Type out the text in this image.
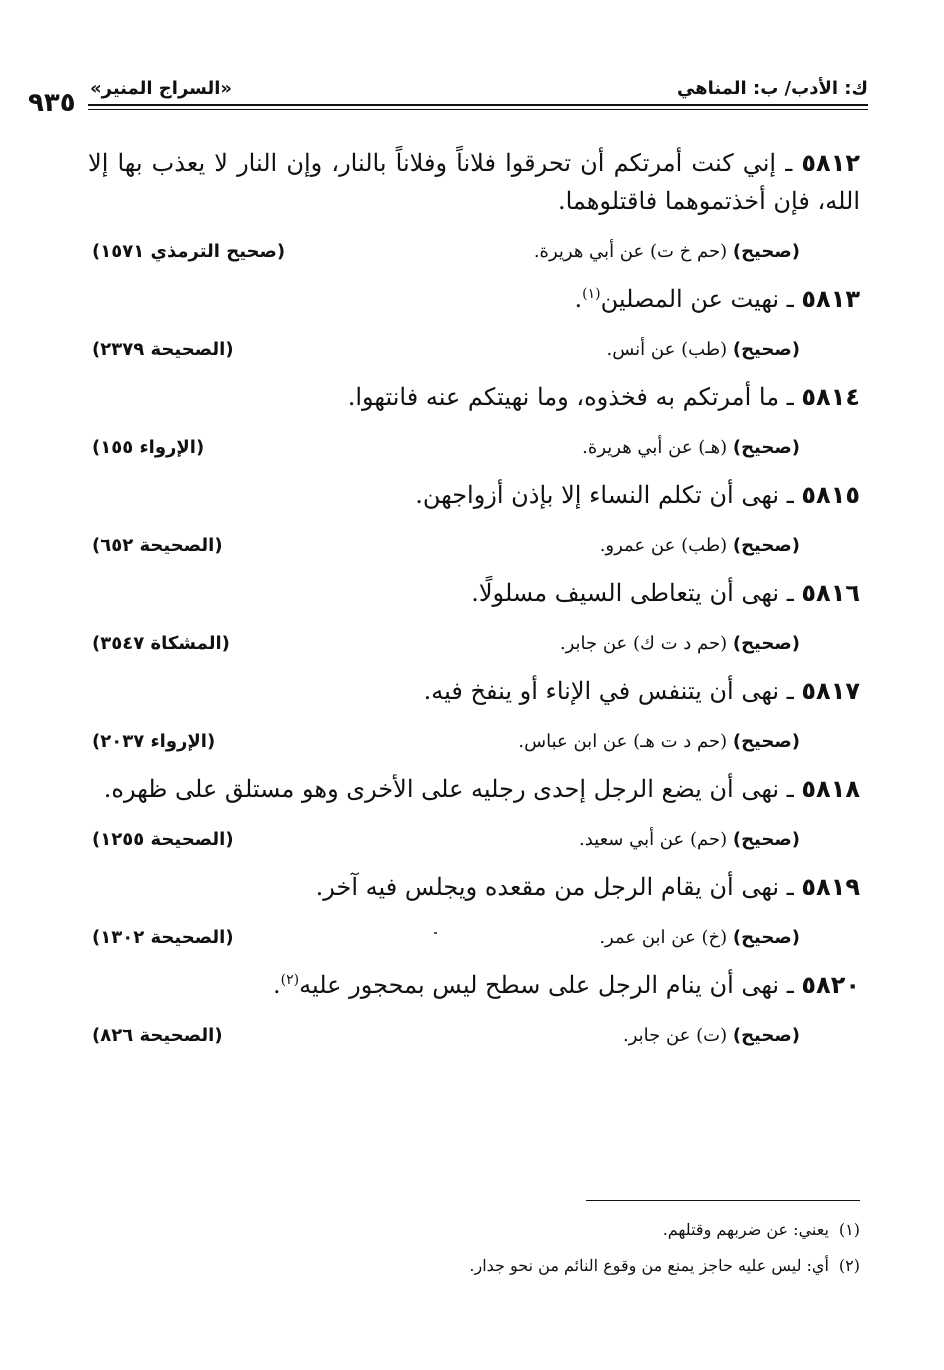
٩٣٥ «السراج المنير»	ك: الأدب/ ب: المناهي
٥٨١٢ ـ إني كنت أمرتكم أن تحرقوا فلاناً وفلاناً بالنار، وإن النار لا يعذب بها إلا الله، فإن أخذتموهما فاقتلوهما.
(صحيح) (حم خ ت) عن أبي هريرة.
(صحيح الترمذي ١٥٧١)
٥٨١٣ ـ نهيت عن المصلين$^{(١)}$.
(صحيح) (طب) عن أنس.
(الصحيحة ٢٣٧٩)
٥٨١٤ ـ ما أمرتكم به فخذوه، وما نهيتكم عنه فانتهوا.
(صحيح) (هـ) عن أبي هريرة.
(الإرواء ١٥٥)
٥٨١٥ ـ نهى أن تكلم النساء إلا بإذن أزواجهن.
(صحيح) (طب) عن عمرو.
(الصحيحة ٦٥٢)
٥٨١٦ ـ نهى أن يتعاطى السيف مسلولًا.
(صحيح) (حم د ت ك) عن جابر.
(المشكاة ٣٥٤٧)
٥٨١٧ ـ نهى أن يتنفس في الإناء أو ينفخ فيه.
(صحيح) (حم د ت هـ) عن ابن عباس.
(الإرواء ٢٠٣٧)
٥٨١٨ ـ نهى أن يضع الرجل إحدى رجليه على الأخرى وهو مستلق على ظهره.
(صحيح) (حم) عن أبي سعيد.
(الصحيحة ١٢٥٥)
٥٨١٩ ـ نهى أن يقام الرجل من مقعده ويجلس فيه آخر.
(صحيح) (خ) عن ابن عمر.
(الصحيحة ١٣٠٢)
٥٨٢٠ ـ نهى أن ينام الرجل على سطح ليس بمحجور عليه$^{(٢)}$.
(صحيح) (ت) عن جابر.
(الصحيحة ٨٢٦)
(١)يعني: عن ضربهم وقتلهم.
(٢)أي: ليس عليه حاجز يمنع من وقوع النائم من نحو جدار.
